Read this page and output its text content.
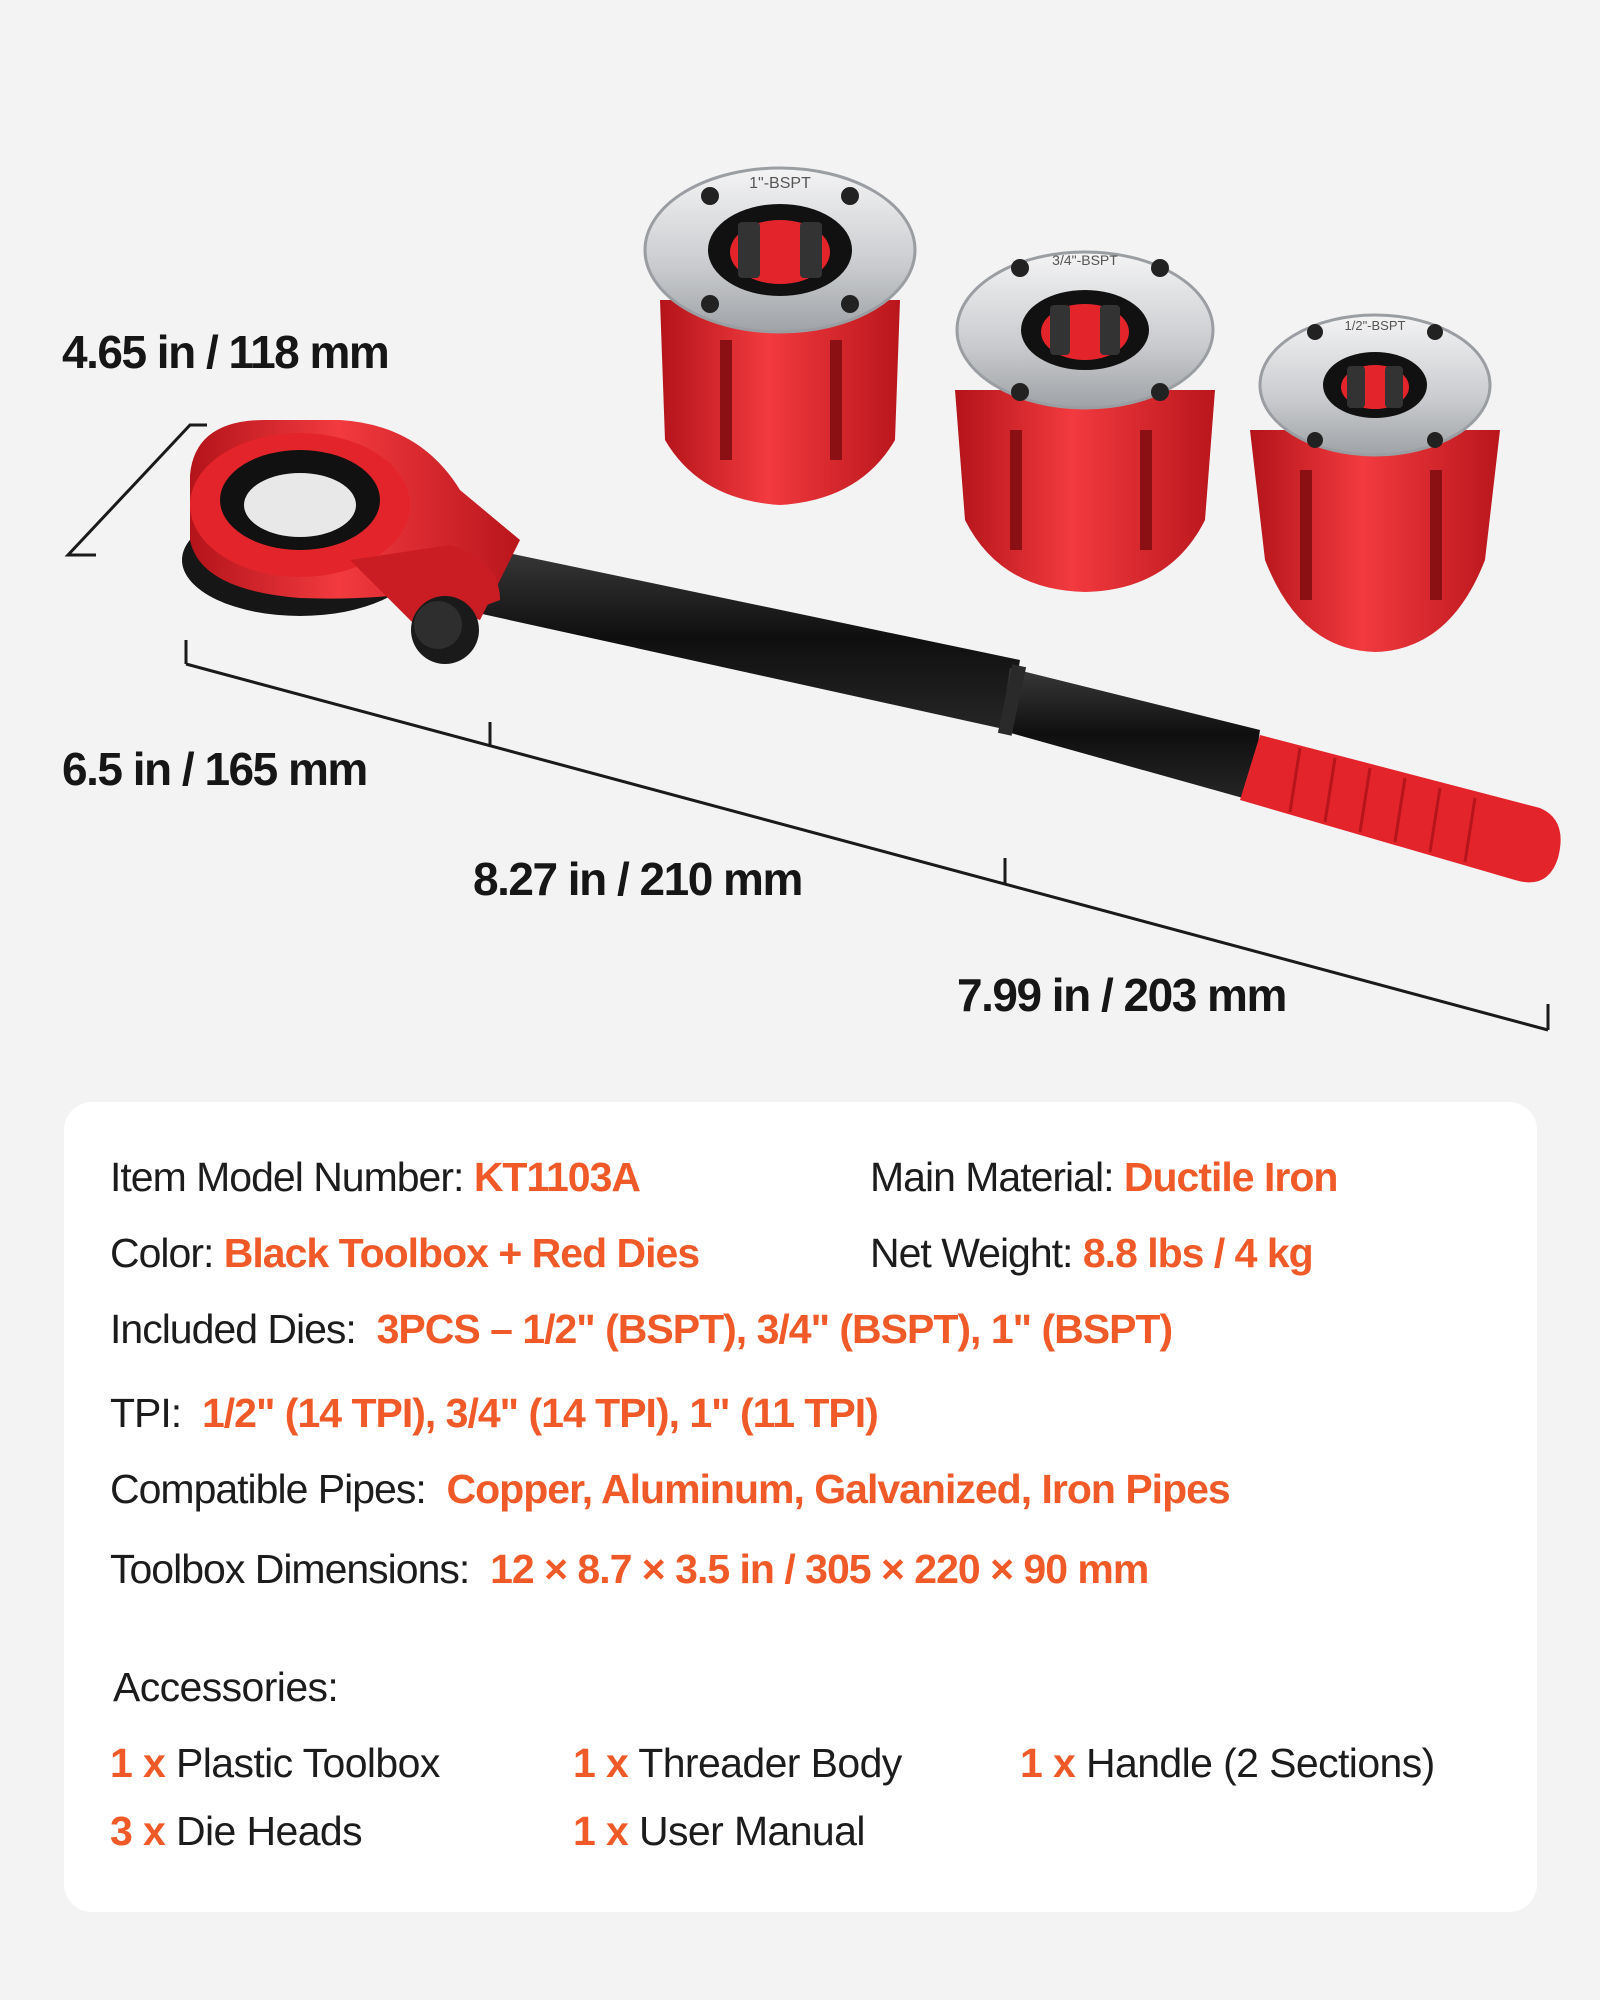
1"-BSPT
3/4"-BSPT
1/2"-BSPT

4.65 in / 118 mm

6.5 in / 165 mm

8.27 in / 210 mm

7.99 in / 203 mm

Item Model Number: KT1103A	Main Material: Ductile Iron
Color: Black Toolbox + Red Dies	Net Weight: 8.8 lbs / 4 kg
Included Dies: 3PCS – 1/2" (BSPT), 3/4" (BSPT), 1" (BSPT)
TPI: 1/2" (14 TPI), 3/4" (14 TPI), 1" (11 TPI)
Compatible Pipes: Copper, Aluminum, Galvanized, Iron Pipes
Toolbox Dimensions: 12 × 8.7 × 3.5 in / 305 × 220 × 90 mm
Accessories:
1 x Plastic Toolbox	1 x Threader Body	1 x Handle (2 Sections)
3 x Die Heads	1 x User Manual
